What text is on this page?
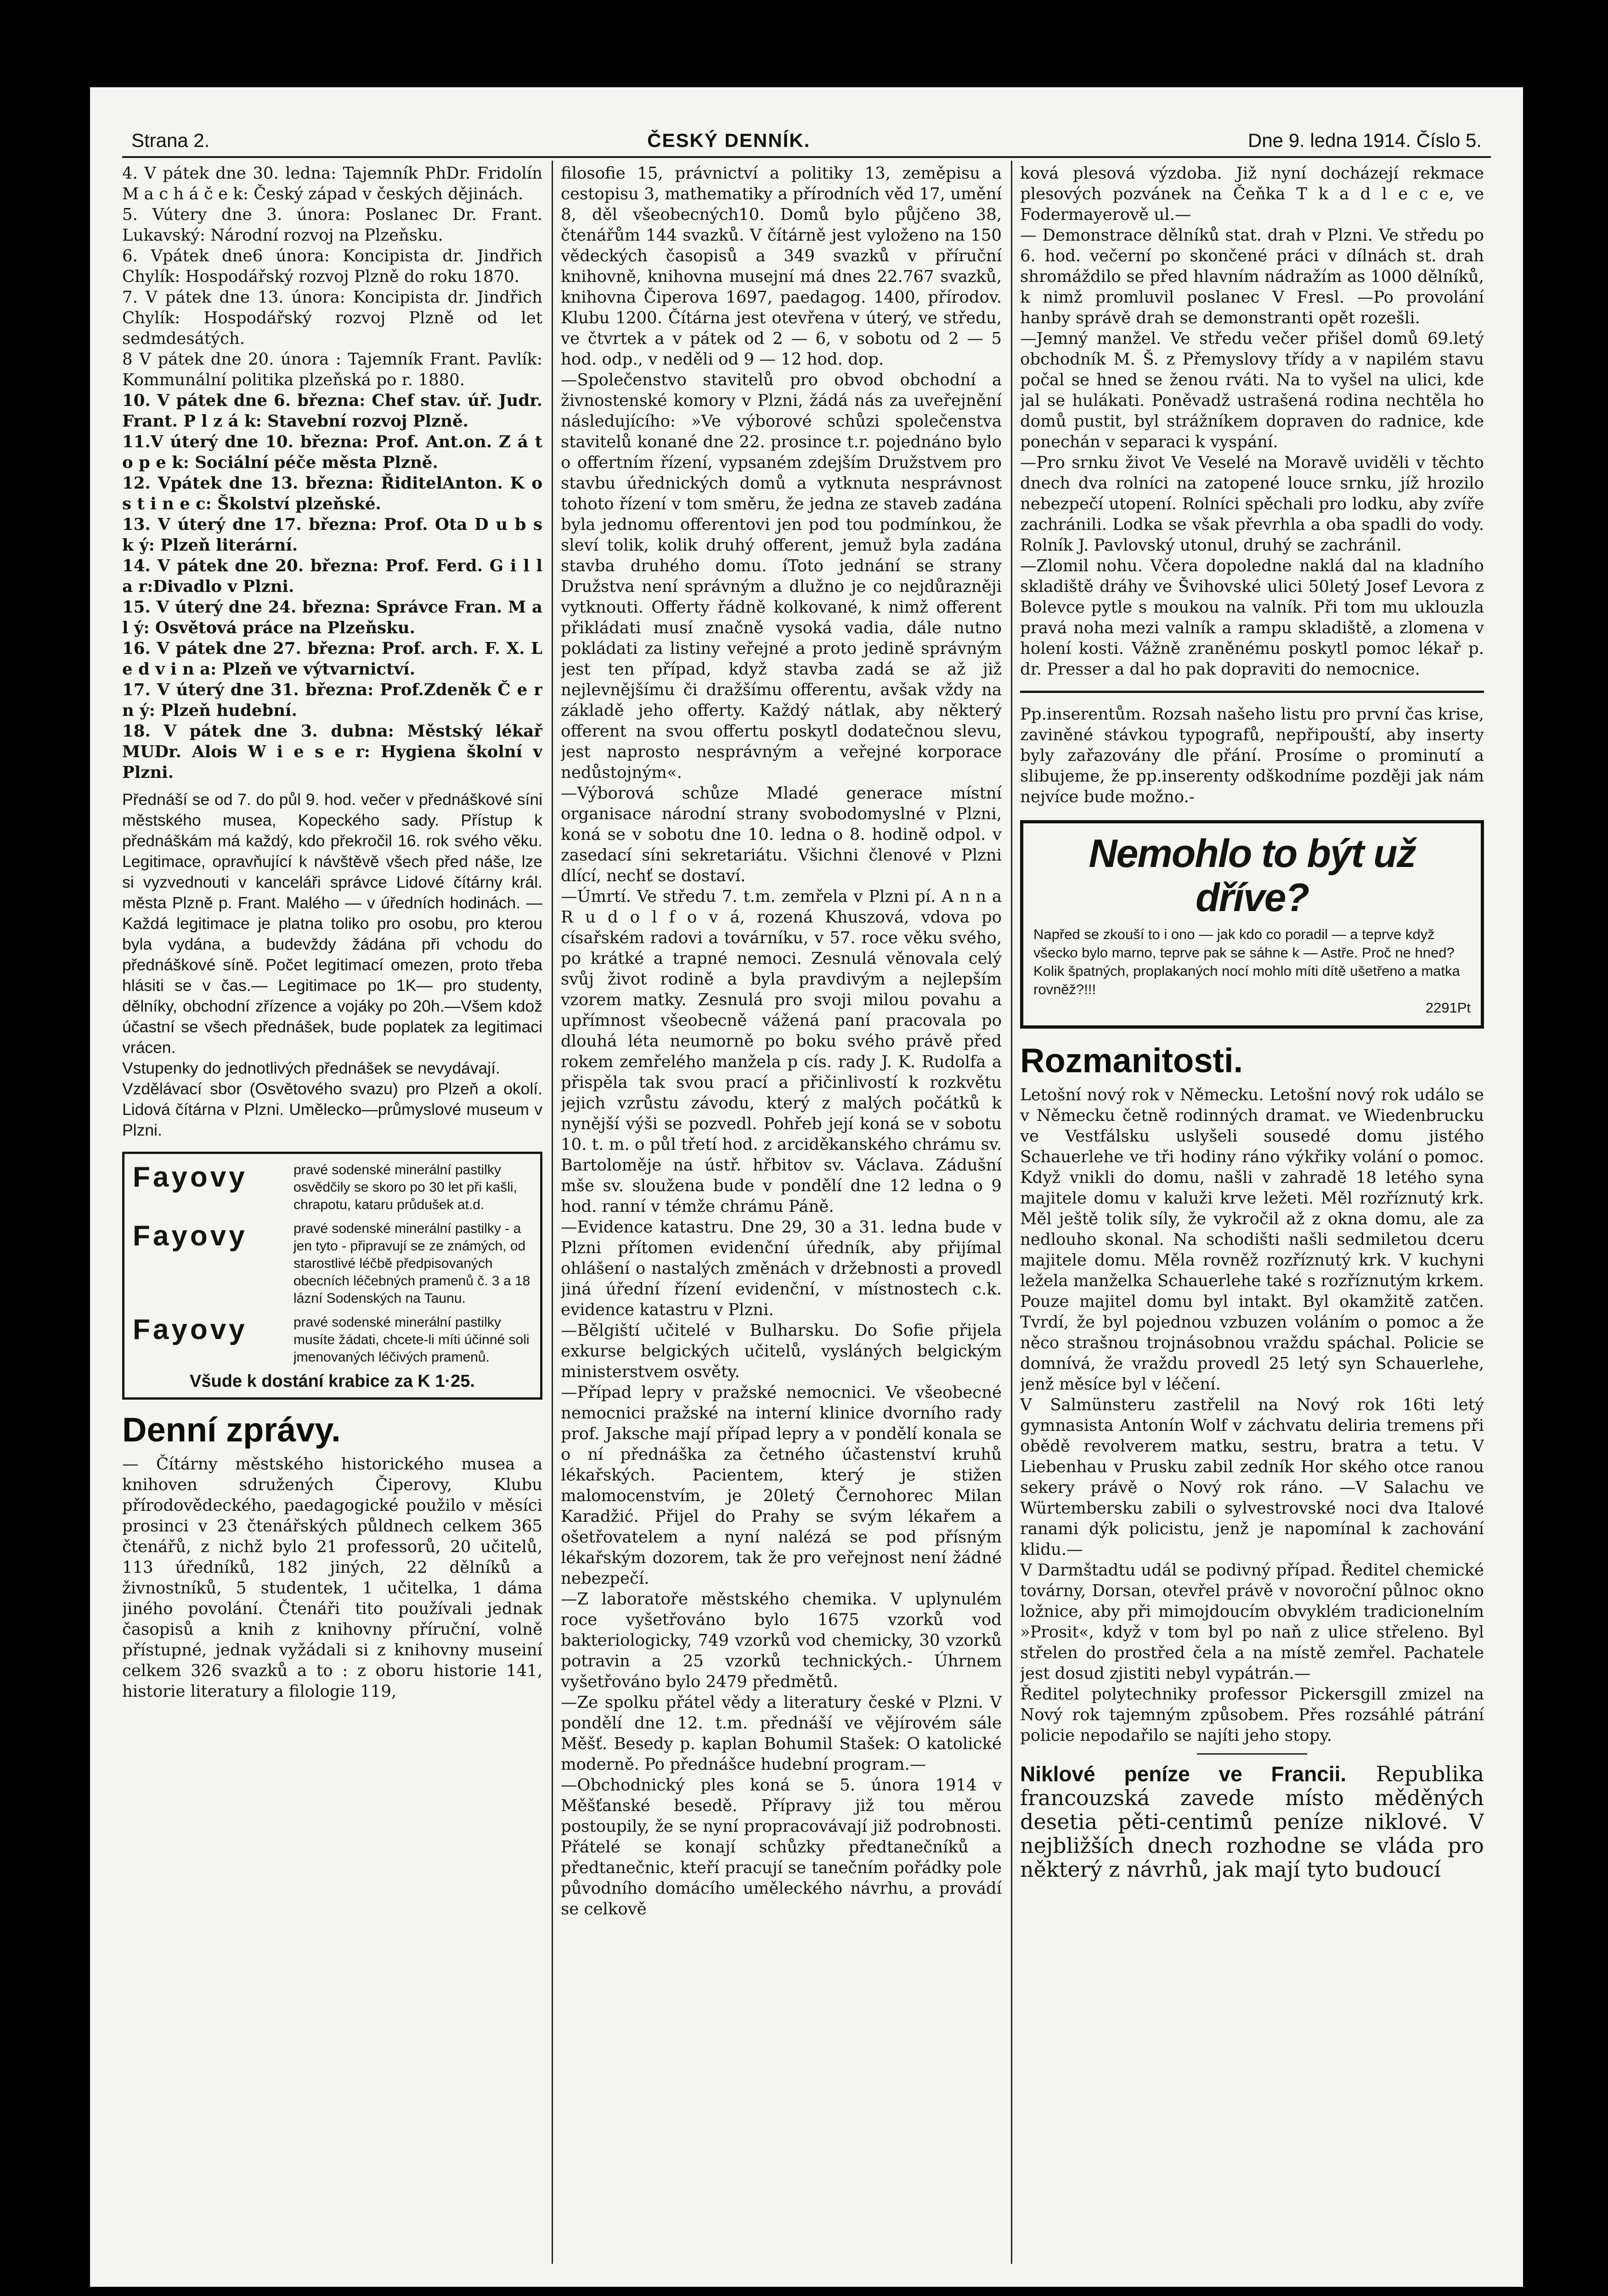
Strana 2.	ČESKÝ DENNÍK.	Dne 9. ledna 1914. Číslo 5.

4. V pátek dne 30. ledna: Tajemník PhDr. Fridolín M a c h á č e k: Český západ v českých dějinách.

5. Vútery dne 3. února: Poslanec Dr. Frant. Lukavský: Národní rozvoj na Plzeňsku.

6. Vpátek dne6 února: Koncipista dr. Jindřich Chylík: Hospodářský rozvoj Plzně do roku 1870.

7. V pátek dne 13. února: Koncipista dr. Jindřich Chylík: Hospodářský rozvoj Plzně od let sedmdesátých.

8 V pátek dne 20. února : Tajemník Frant. Pavlík: Kommunální politika plzeňská po r. 1880.

10. V pátek dne 6. března: Chef stav. úř. Judr. Frant. P l z á k: Stavební rozvoj Plzně.

11.V úterý dne 10. března: Prof. Ant.on. Z á t o p e k: Sociální péče města Plzně.

12. Vpátek dne 13. března: ŘiditelAnton. K o s t i n e c: Školství plzeňské.

13. V úterý dne 17. března: Prof. Ota D u b s k ý: Plzeň literární.

14. V pátek dne 20. března: Prof. Ferd. G i l l a r:Divadlo v Plzni.

15. V úterý dne 24. března: Správce Fran. M a l ý: Osvětová práce na Plzeňsku.

16. V pátek dne 27. března: Prof. arch. F. X. L e d v i n a: Plzeň ve výtvarnictví.

17. V úterý dne 31. března: Prof.Zdeněk Č e r n ý: Plzeň hudební.

18. V pátek dne 3. dubna: Městský lékař MUDr. Alois W i e s e r: Hygiena školní v Plzni.

Přednáší se od 7. do půl 9. hod. večer v přednáškové síni městského musea, Kopeckého sady. Přístup k přednáškám má každý, kdo překročil 16. rok svého věku. Legitimace, opravňující k návštěvě všech před náše, lze si vyzvednouti v kanceláři správce Lidové čítárny král. města Plzně p. Frant. Malého — v úředních hodinách. — Každá legitimace je platna toliko pro osobu, pro kterou byla vydána, a budevždy žádána při vchodu do přednáškové síně. Počet legitimací omezen, proto třeba hlásiti se v čas.— Legitimace po 1K— pro studenty, dělníky, obchodní zřízence a vojáky po 20h.—Všem kdož účastní se všech přednášek, bude poplatek za legitimaci vrácen.

Vstupenky do jednotlivých přednášek se nevydávají.

Vzdělávací sbor (Osvětového svazu) pro Plzeň a okolí. Lidová čítárna v Plzni. Umělecko—průmyslové museum v Plzni.

Fayovy	pravé sodenské minerální pastilky osvědčily se skoro po 30 let při kašli, chrapotu, kataru průdušek at.d.
Fayovy	pravé sodenské minerální pastilky - a jen tyto - připravují se ze známých, od starostlivé léčbě předpisovaných obecních léčebných pramenů č. 3 a 18 lázní Sodenských na Taunu.
Fayovy	pravé sodenské minerální pastilky musíte žádati, chcete-li míti účinné soli jmenovaných léčivých pramenů.
Všude k dostání krabice za K 1·25.
Denní zprávy.

— Čítárny městského historického musea a knihoven sdružených Čiperovy, Klubu přírodovědeckého, paedagogické použilo v měsíci prosinci v 23 čtenářských půldnech celkem 365 čtenářů, z nichž bylo 21 professorů, 20 učitelů, 113 úředníků, 182 jiných, 22 dělníků a živnostníků, 5 studentek, 1 učitelka, 1 dáma jiného povolání. Čtenáři tito používali jednak časopisů a knih z knihovny příruční, volně přístupné, jednak vyžádali si z knihovny museiní celkem 326 svazků a to : z oboru historie 141, historie literatury a filologie 119,

filosofie 15, právnictví a politiky 13, zeměpisu a cestopisu 3, mathematiky a přírodních věd 17, umění 8, děl všeobecných10. Domů bylo půjčeno 38, čtenářům 144 svazků. V čítárně jest vyloženo na 150 vědeckých časopisů a 349 svazků v příruční knihovně, knihovna musejní má dnes 22.767 svazků, knihovna Čiperova 1697, paedagog. 1400, přírodov. Klubu 1200. Čítárna jest otevřena v úterý, ve středu, ve čtvrtek a v pátek od 2 — 6, v sobotu od 2 — 5 hod. odp., v neděli od 9 — 12 hod. dop.

—Společenstvo stavitelů pro obvod obchodní a živnostenské komory v Plzni, žádá nás za uveřejnění následujícího: »Ve výborové schůzi společenstva stavitelů konané dne 22. prosince t.r. pojednáno bylo o offertním řízení, vypsaném zdejším Družstvem pro stavbu úřednických domů a vytknuta nesprávnost tohoto řízení v tom směru, že jedna ze staveb zadána byla jednomu offerentovi jen pod tou podmínkou, že sleví tolik, kolik druhý offerent, jemuž byla zadána stavba druhého domu. íToto jednání se strany Družstva není správným a dlužno je co nejdůrazněji vytknouti. Offerty řádně kolkované, k nimž offerent přikládati musí značně vysoká vadia, dále nutno pokládati za listiny veřejné a proto jedině správným jest ten případ, když stavba zadá se až již nejlevnějšímu či dražšímu offerentu, avšak vždy na základě jeho offerty. Každý nátlak, aby některý offerent na svou offertu poskytl dodatečnou slevu, jest naprosto nesprávným a veřejné korporace nedůstojným«.

—Výborová schůze Mladé generace místní organisace národní strany svobodomyslné v Plzni, koná se v sobotu dne 10. ledna o 8. hodině odpol. v zasedací síni sekretariátu. Všichni členové v Plzni dlící, nechť se dostaví.

—Úmrtí. Ve středu 7. t.m. zemřela v Plzni pí. A n n a R u d o l f o v á, rozená Khuszová, vdova po císařském radovi a továrníku, v 57. roce věku svého, po krátké a trapné nemoci. Zesnulá věnovala celý svůj život rodině a byla pravdivým a nejlepším vzorem matky. Zesnulá pro svoji milou povahu a upřímnost všeobecně vážená paní pracovala po dlouhá léta neumorně po boku svého právě před rokem zemřelého manžela p cís. rady J. K. Rudolfa a přispěla tak svou prací a přičinlivostí k rozkvětu jejich vzrůstu závodu, který z malých počátků k nynější výši se pozvedl. Pohřeb její koná se v sobotu 10. t. m. o půl třetí hod. z arciděkanského chrámu sv. Bartoloměje na ústř. hřbitov sv. Václava. Zádušní mše sv. sloužena bude v pondělí dne 12 ledna o 9 hod. ranní v témže chrámu Páně.

—Evidence katastru. Dne 29, 30 a 31. ledna bude v Plzni přítomen evidenční úředník, aby přijímal ohlášení o nastalých změnách v držebnosti a provedl jiná úřední řízení evidenční, v místnostech c.k. evidence katastru v Plzni.

—Bělgiští učitelé v Bulharsku. Do Sofie přijela exkurse belgických učitelů, vysláných belgickým ministerstvem osvěty.

—Případ lepry v pražské nemocnici. Ve všeobecné nemocnici pražské na interní klinice dvorního rady prof. Jaksche mají případ lepry a v pondělí konala se o ní přednáška za četného účastenství kruhů lékařských. Pacientem, který je stižen malomocenstvím, je 20letý Černohorec Milan Karadžić. Přijel do Prahy se svým lékařem a ošetřovatelem a nyní nalézá se pod přísným lékařským dozorem, tak že pro veřejnost není žádné nebezpečí.

—Z laboratoře městského chemika. V uplynulém roce vyšetřováno bylo 1675 vzorků vod bakteriologicky, 749 vzorků vod chemicky, 30 vzorků potravin a 25 vzorků technických.- Úhrnem vyšetřováno bylo 2479 předmětů.

—Ze spolku přátel vědy a literatury české v Plzni. V pondělí dne 12. t.m. přednáší ve vějírovém sále Měšť. Besedy p. kaplan Bohumil Stašek: O katolické moderně. Po přednášce hudební program.—

—Obchodnický ples koná se 5. února 1914 v Měšťanské besedě. Přípravy již tou měrou postoupily, že se nyní propracovávají již podrobnosti. Přátelé se konají schůzky předtanečníků a předtanečnic, kteří pracují se tanečním pořádky pole původního domácího uměleckého návrhu, a provádí se celkově

ková plesová výzdoba. Již nyní docházejí rekmace plesových pozvánek na Čeňka T k a d l e c e, ve Fodermayerově ul.—

— Demonstrace dělníků stat. drah v Plzni. Ve středu po 6. hod. večerní po skončené práci v dílnách st. drah shromáždilo se před hlavním nádražím as 1000 dělníků, k nimž promluvil poslanec V Fresl. —Po provolání hanby správě drah se demonstranti opět rozešli.

—Jemný manžel. Ve středu večer přišel domů 69.letý obchodník M. Š. z Přemyslovy třídy a v napilém stavu počal se hned se ženou rváti. Na to vyšel na ulici, kde jal se hulákati. Poněvadž ustrašená rodina nechtěla ho domů pustit, byl strážníkem dopraven do radnice, kde ponechán v separaci k vyspání.

—Pro srnku život Ve Veselé na Moravě uviděli v těchto dnech dva rolníci na zatopené louce srnku, jíž hrozilo nebezpečí utopení. Rolníci spěchali pro lodku, aby zvíře zachránili. Lodka se však převrhla a oba spadli do vody. Rolník J. Pavlovský utonul, druhý se zachránil.

—Zlomil nohu. Včera dopoledne naklá dal na kladního skladiště dráhy ve Švihovské ulici 50letý Josef Levora z Bolevce pytle s moukou na valník. Při tom mu uklouzla pravá noha mezi valník a rampu skladiště, a zlomena v holení kosti. Vážně zraněnému poskytl pomoc lékař p. dr. Presser a dal ho pak dopraviti do nemocnice.

Pp.inserentům. Rozsah našeho listu pro první čas krise, zaviněné stávkou typografů, nepřipouští, aby inserty byly zařazovány dle přání. Prosíme o prominutí a slibujeme, že pp.inserenty odškodníme později jak nám nejvíce bude možno.-

Nemohlo to být už dříve?
Napřed se zkouší to i ono — jak kdo co poradil — a teprve když všecko bylo marno, teprve pak se sáhne k — Astře. Proč ne hned? Kolik špatných, proplakaných nocí mohlo míti dítě ušetřeno a matka rovněž?!!!
2291Pt
Rozmanitosti.

Letošní nový rok v Německu. Letošní nový rok událo se v Německu četně rodinných dramat. ve Wiedenbrucku ve Vestfálsku uslyšeli sousedé domu jistého Schauerlehe ve tři hodiny ráno výkřiky volání o pomoc. Když vnikli do domu, našli v zahradě 18 letého syna majitele domu v kaluži krve ležeti. Měl rozříznutý krk. Měl ještě tolik síly, že vykročil až z okna domu, ale za nedlouho skonal. Na schodišti našli sedmiletou dceru majitele domu. Měla rovněž rozříznutý krk. V kuchyni ležela manželka Schauerlehe také s rozříznutým krkem. Pouze majitel domu byl intakt. Byl okamžitě zatčen. Tvrdí, že byl pojednou vzbuzen voláním o pomoc a že něco strašnou trojnásobnou vraždu spáchal. Policie se domnívá, že vraždu provedl 25 letý syn Schauerlehe, jenž měsíce byl v léčení.

V Salmünsteru zastřelil na Nový rok 16ti letý gymnasista Antonín Wolf v záchvatu deliria tremens při obědě revolverem matku, sestru, bratra a tetu. V Liebenhau v Prusku zabil zedník Hor ského otce ranou sekery právě o Nový rok ráno. —V Salachu ve Würtembersku zabili o sylvestrovské noci dva Italové ranami dýk policistu, jenž je napomínal k zachování klidu.—

V Darmštadtu udál se podivný případ. Ředitel chemické továrny, Dorsan, otevřel právě v novoroční půlnoc okno ložnice, aby při mimojdoucím obvyklém tradicionelním »Prosit«, když v tom byl po naň z ulice střeleno. Byl střelen do prostřed čela a na místě zemřel. Pachatele jest dosud zjistiti nebyl vypátrán.—

Ředitel polytechniky professor Pickersgill zmizel na Nový rok tajemným způsobem. Přes rozsáhlé pátrání policie nepodařilo se najíti jeho stopy.

Niklové peníze ve Francii. Republika francouzská zavede místo měděných desetia pěti-centimů peníze niklové. V nejbližších dnech rozhodne se vláda pro některý z návrhů, jak mají tyto budoucí
